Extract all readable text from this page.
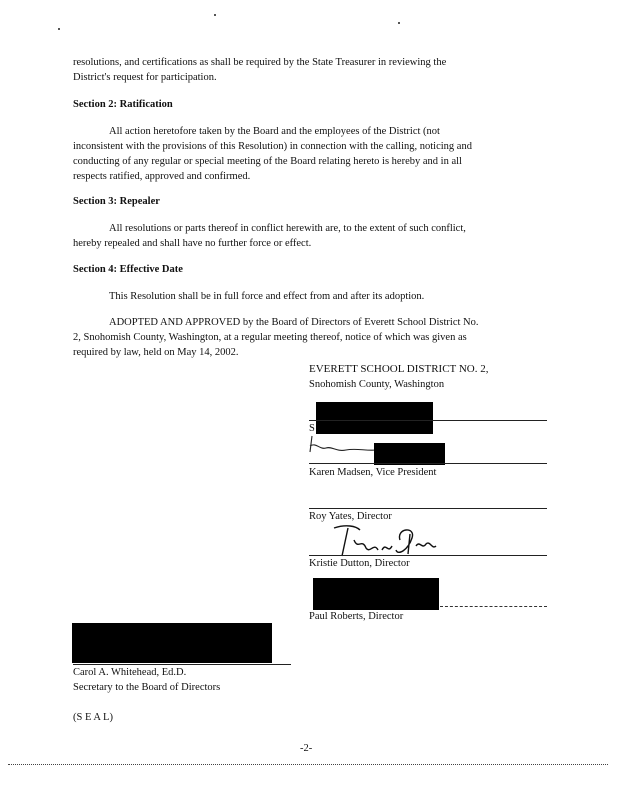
resolutions, and certifications as shall be required by the State Treasurer in reviewing the
District's request for participation.
Section 2: Ratification
All action heretofore taken by the Board and the employees of the District (not
inconsistent with the provisions of this Resolution) in connection with the calling, noticing and
conducting of any regular or special meeting of the Board relating hereto is hereby and in all
respects ratified, approved and confirmed.
Section 3: Repealer
All resolutions or parts thereof in conflict herewith are, to the extent of such conflict,
hereby repealed and shall have no further force or effect.
Section 4: Effective Date
This Resolution shall be in full force and effect from and after its adoption.
ADOPTED AND APPROVED by the Board of Directors of Everett School District No.
2, Snohomish County, Washington, at a regular meeting thereof, notice of which was given as
required by law, held on May 14, 2002.
EVERETT SCHOOL DISTRICT NO. 2,
Snohomish County, Washington
S
Karen Madsen, Vice President
Roy Yates, Director
Kristie Dutton, Director
Paul Roberts, Director
Carol A. Whitehead, Ed.D.
Secretary to the Board of Directors
(S E A L)
-2-
